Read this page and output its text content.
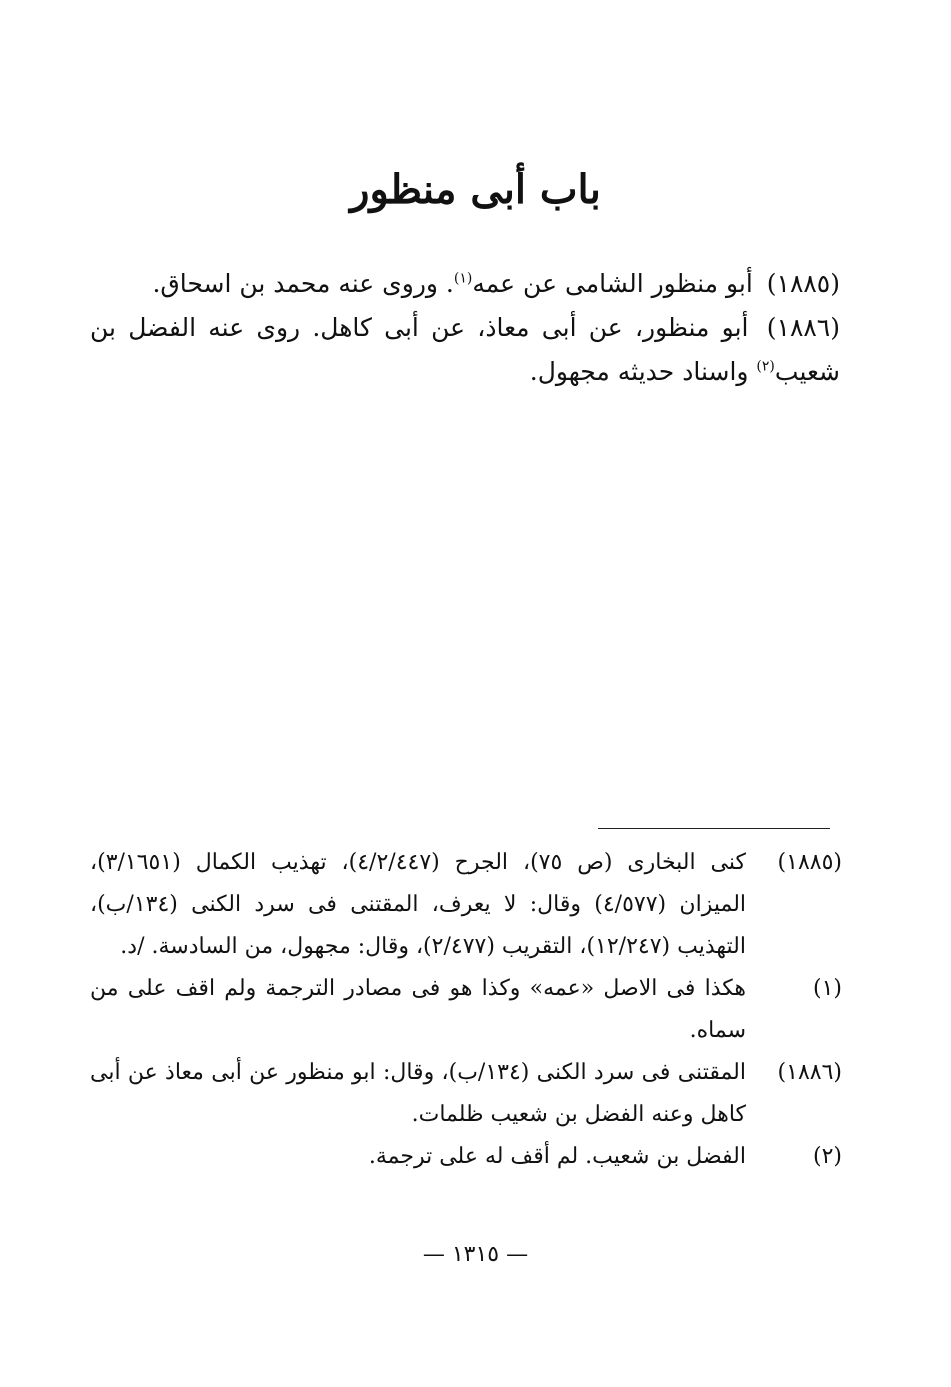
باب أبى منظور

(١٨٨٥) أبو منظور الشامى عن عمه$^{(١)}$. وروى عنه محمد بن اسحاق.

(١٨٨٦) أبو منظور، عن أبى معاذ، عن أبى كاهل. روى عنه الفضل بن شعيب$^{(٢)}$ واسناد حديثه مجهول.

(١٨٨٥)
كنى البخارى (ص ٧٥)، الجرح (٤/٢/٤٤٧)، تهذيب الكمال (٣/١٦٥١)، الميزان (٤/٥٧٧) وقال: لا يعرف، المقتنى فى سرد الكنى (١٣٤/ب)، التهذيب (١٢/٢٤٧)، التقريب (٢/٤٧٧)، وقال: مجهول، من السادسة. /د.
(١)
هكذا فى الاصل «عمه» وكذا هو فى مصادر الترجمة ولم اقف على من سماه.
(١٨٨٦)
المقتنى فى سرد الكنى (١٣٤/ب)، وقال: ابو منظور عن أبى معاذ عن أبى كاهل وعنه الفضل بن شعيب ظلمات.
(٢)
الفضل بن شعيب. لم أقف له على ترجمة.
— ١٣١٥ —
